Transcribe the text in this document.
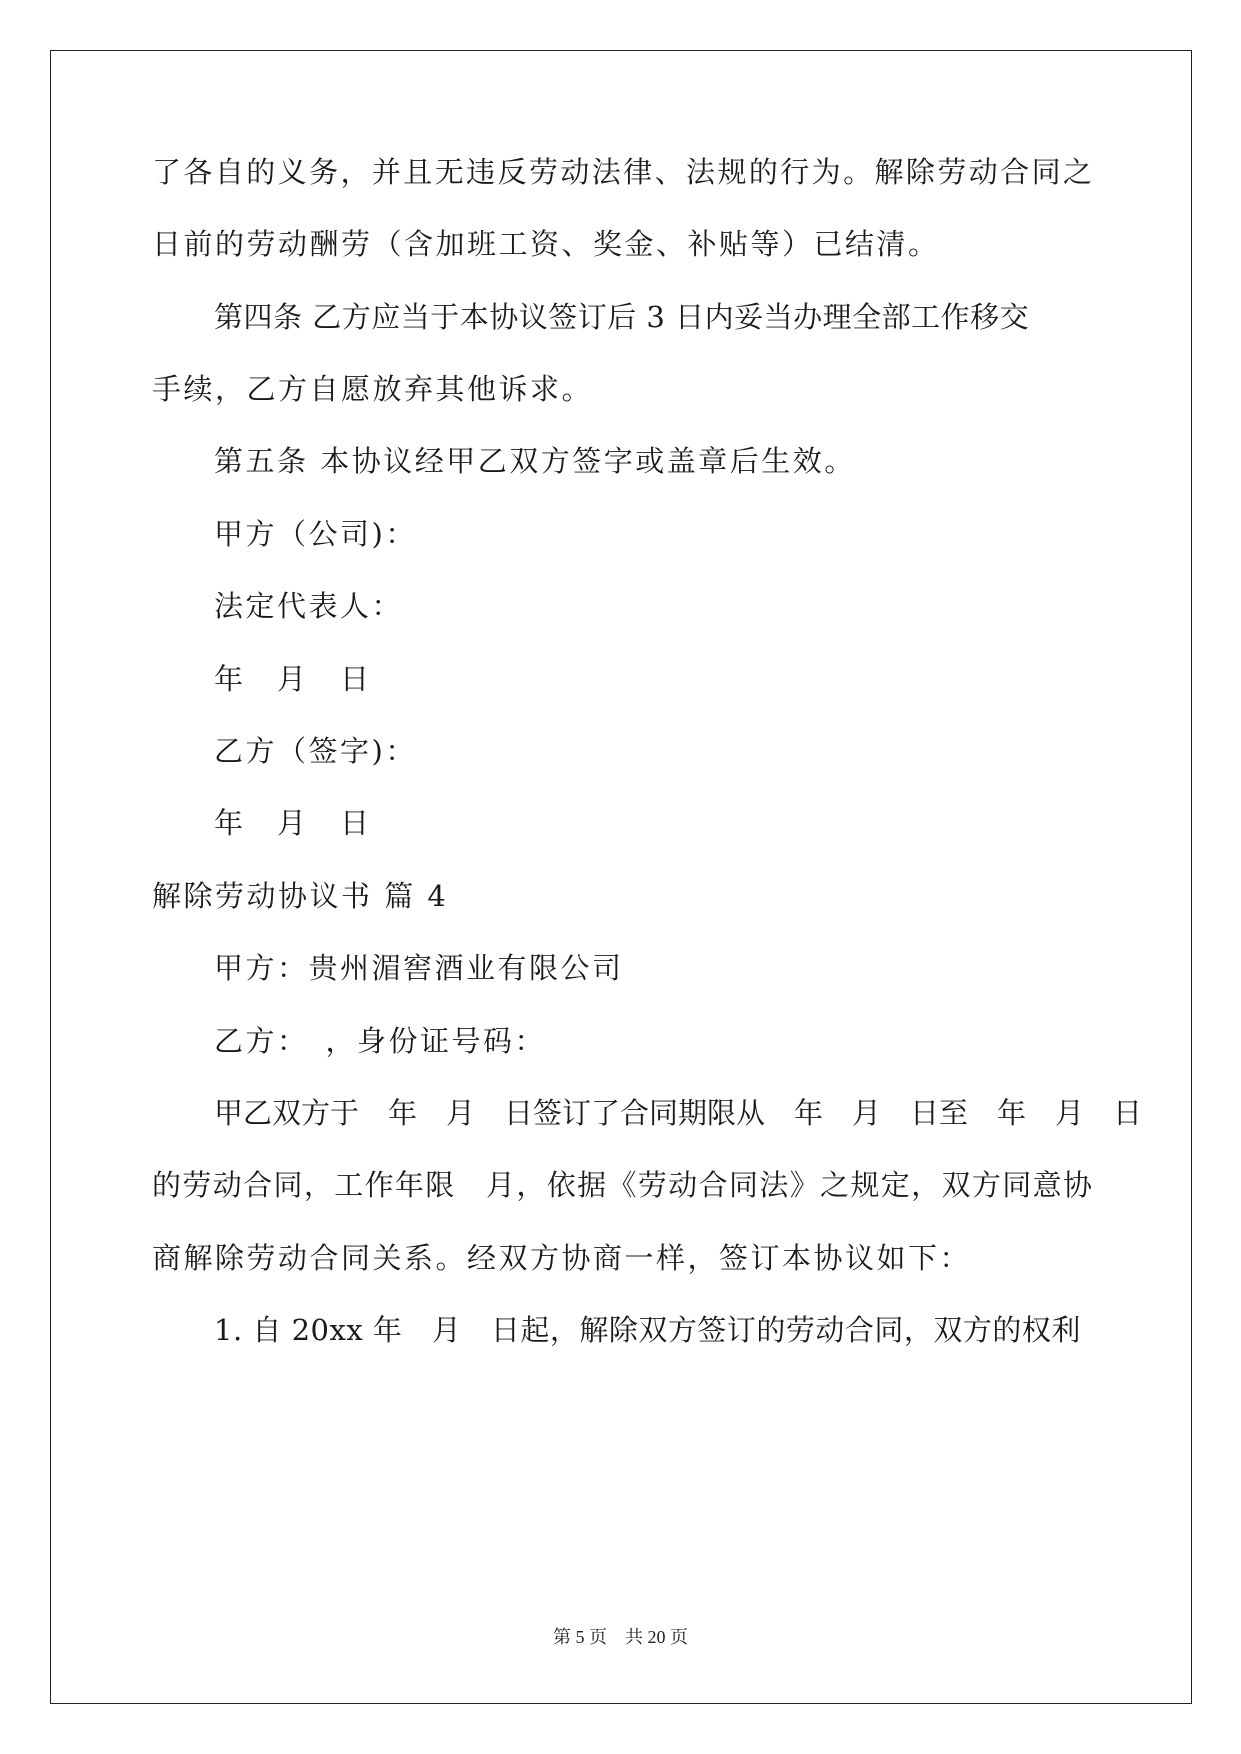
了各自的义务，并且无违反劳动法律、法规的行为。解除劳动合同之
日前的劳动酬劳（含加班工资、奖金、补贴等）已结清。
第四条 乙方应当于本协议签订后 3 日内妥当办理全部工作移交
手续，乙方自愿放弃其他诉求。
第五条 本协议经甲乙双方签字或盖章后生效。
甲方（公司)：
法定代表人：
年　月　日
乙方（签字)：
年　月　日
解除劳动协议书 篇 4
甲方：贵州湄窖酒业有限公司
乙方：　，身份证号码：
甲乙双方于　年　月　日签订了合同期限从　年　月　日至　年　月　日
的劳动合同，工作年限　月，依据《劳动合同法》之规定，双方同意协
商解除劳动合同关系。经双方协商一样，签订本协议如下：
1. 自 20xx 年　月　日起，解除双方签订的劳动合同，双方的权利
第 5 页　共 20 页
